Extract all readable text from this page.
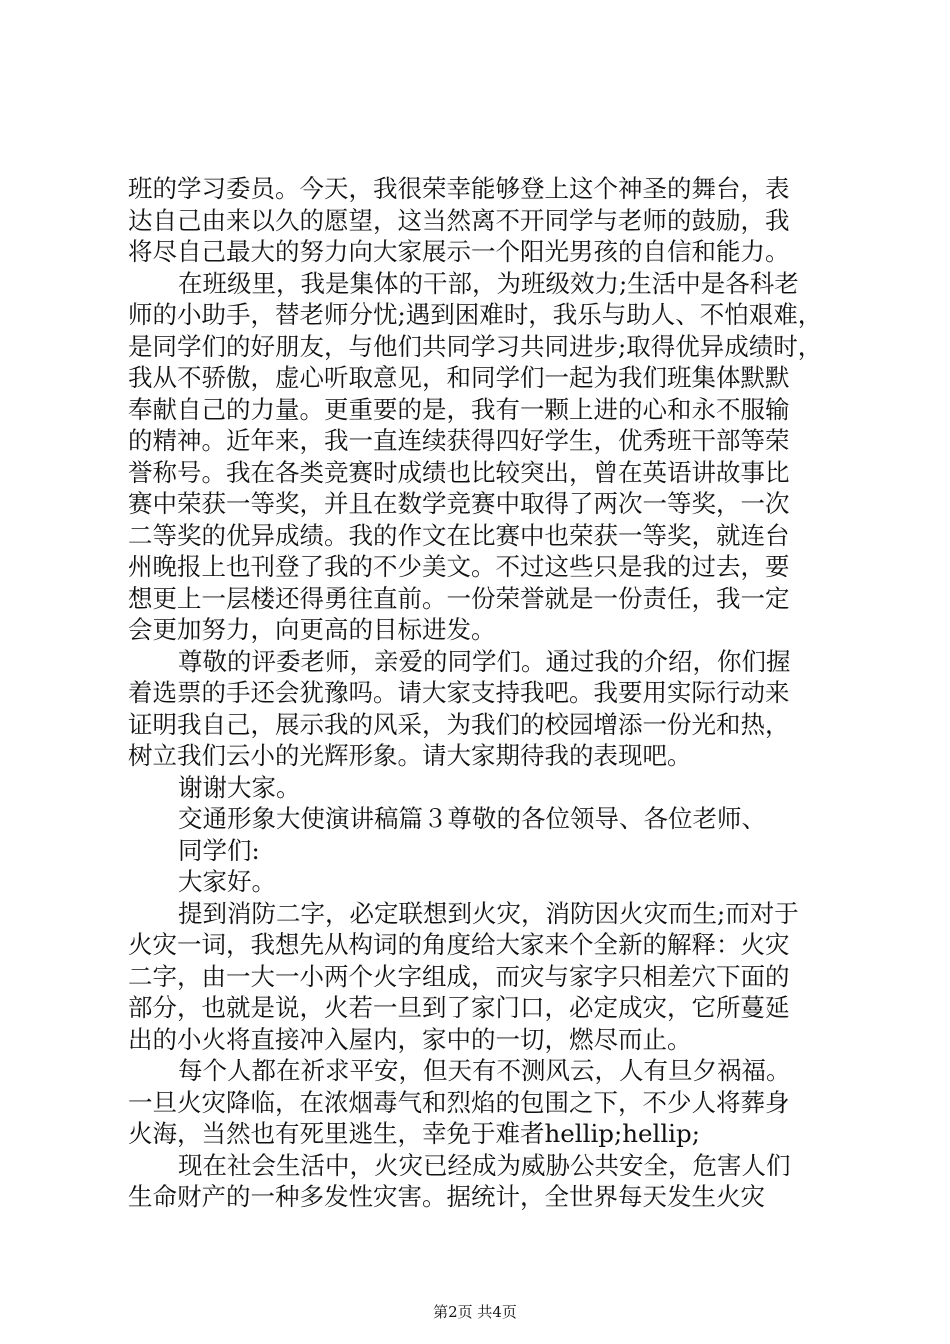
班的学习委员。今天，我很荣幸能够登上这个神圣的舞台，表
达自己由来以久的愿望，这当然离不开同学与老师的鼓励，我
将尽自己最大的努力向大家展示一个阳光男孩的自信和能力。
在班级里，我是集体的干部，为班级效力;生活中是各科老
师的小助手，替老师分忧;遇到困难时，我乐与助人、不怕艰难，
是同学们的好朋友，与他们共同学习共同进步;取得优异成绩时，
我从不骄傲，虚心听取意见，和同学们一起为我们班集体默默
奉献自己的力量。更重要的是，我有一颗上进的心和永不服输
的精神。近年来，我一直连续获得四好学生，优秀班干部等荣
誉称号。我在各类竞赛时成绩也比较突出，曾在英语讲故事比
赛中荣获一等奖，并且在数学竞赛中取得了两次一等奖，一次
二等奖的优异成绩。我的作文在比赛中也荣获一等奖，就连台
州晚报上也刊登了我的不少美文。不过这些只是我的过去，要
想更上一层楼还得勇往直前。一份荣誉就是一份责任，我一定
会更加努力，向更高的目标进发。
尊敬的评委老师，亲爱的同学们。通过我的介绍，你们握
着选票的手还会犹豫吗。请大家支持我吧。我要用实际行动来
证明我自己，展示我的风采，为我们的校园增添一份光和热，
树立我们云小的光辉形象。请大家期待我的表现吧。
谢谢大家。
交通形象大使演讲稿篇３尊敬的各位领导、各位老师、
同学们:
大家好。
提到消防二字，必定联想到火灾，消防因火灾而生;而对于
火灾一词，我想先从构词的角度给大家来个全新的解释：火灾
二字，由一大一小两个火字组成，而灾与家字只相差穴下面的
部分，也就是说，火若一旦到了家门口，必定成灾，它所蔓延
出的小火将直接冲入屋内，家中的一切，燃尽而止。
每个人都在祈求平安，但天有不测风云，人有旦夕祸福。
一旦火灾降临，在浓烟毒气和烈焰的包围之下，不少人将葬身
火海，当然也有死里逃生，幸免于难者hellip;hellip;
现在社会生活中，火灾已经成为威胁公共安全，危害人们
生命财产的一种多发性灾害。据统计，全世界每天发生火灾
第2页 共4页
